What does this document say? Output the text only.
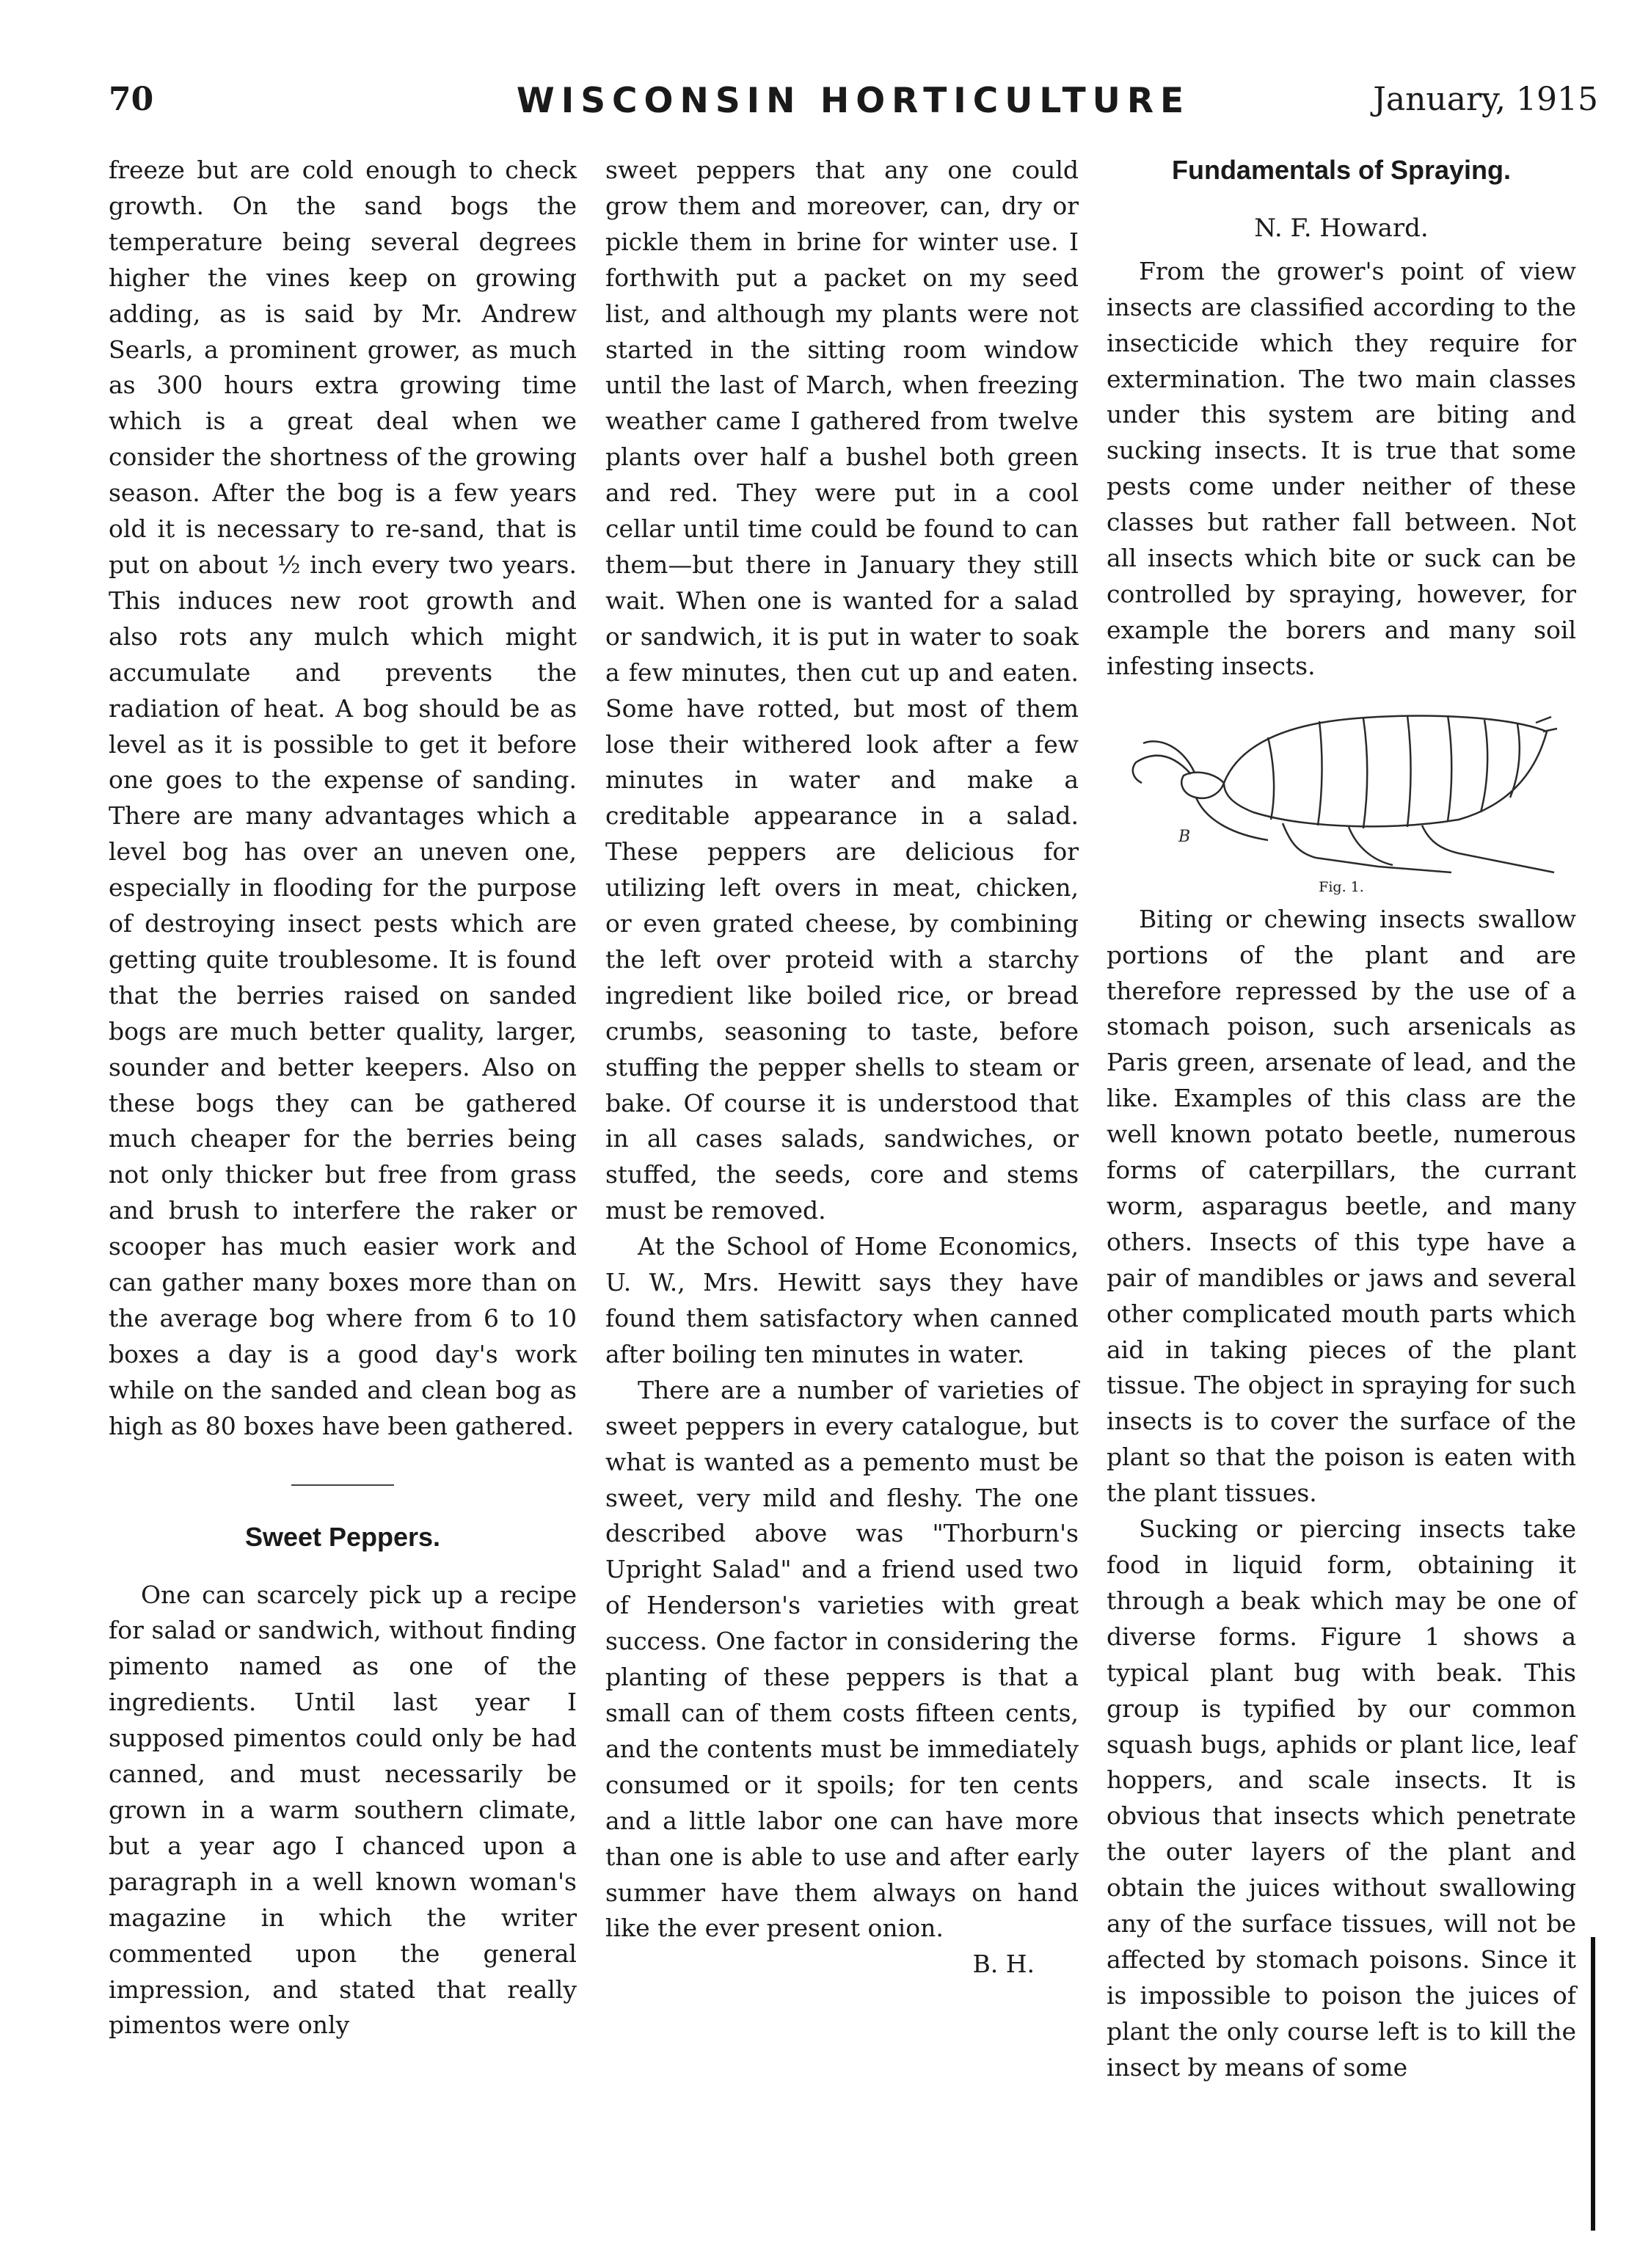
70	WISCONSIN HORTICULTURE	January, 1915

freeze but are cold enough to check growth. On the sand bogs the temperature being several degrees higher the vines keep on growing adding, as is said by Mr. Andrew Searls, a prominent grower, as much as 300 hours extra growing time which is a great deal when we consider the shortness of the growing season. After the bog is a few years old it is necessary to re-sand, that is put on about ½ inch every two years. This induces new root growth and also rots any mulch which might accumulate and prevents the radiation of heat. A bog should be as level as it is possible to get it before one goes to the expense of sanding. There are many advantages which a level bog has over an uneven one, especially in flooding for the purpose of destroying insect pests which are getting quite troublesome. It is found that the berries raised on sanded bogs are much better quality, larger, sounder and better keepers. Also on these bogs they can be gathered much cheaper for the berries being not only thicker but free from grass and brush to interfere the raker or scooper has much easier work and can gather many boxes more than on the average bog where from 6 to 10 boxes a day is a good day's work while on the sanded and clean bog as high as 80 boxes have been gathered.

Sweet Peppers.

One can scarcely pick up a recipe for salad or sandwich, without finding pimento named as one of the ingredients. Until last year I supposed pimentos could only be had canned, and must necessarily be grown in a warm southern climate, but a year ago I chanced upon a paragraph in a well known woman's magazine in which the writer commented upon the general impression, and stated that really pimentos were only

sweet peppers that any one could grow them and moreover, can, dry or pickle them in brine for winter use. I forthwith put a packet on my seed list, and although my plants were not started in the sitting room window until the last of March, when freezing weather came I gathered from twelve plants over half a bushel both green and red. They were put in a cool cellar until time could be found to can them—but there in January they still wait. When one is wanted for a salad or sandwich, it is put in water to soak a few minutes, then cut up and eaten. Some have rotted, but most of them lose their withered look after a few minutes in water and make a creditable appearance in a salad. These peppers are delicious for utilizing left overs in meat, chicken, or even grated cheese, by combining the left over proteid with a starchy ingredient like boiled rice, or bread crumbs, seasoning to taste, before stuffing the pepper shells to steam or bake. Of course it is understood that in all cases salads, sandwiches, or stuffed, the seeds, core and stems must be removed.

At the School of Home Economics, U. W., Mrs. Hewitt says they have found them satisfactory when canned after boiling ten minutes in water.

There are a number of varieties of sweet peppers in every catalogue, but what is wanted as a pemento must be sweet, very mild and fleshy. The one described above was "Thorburn's Upright Salad" and a friend used two of Henderson's varieties with great success. One factor in considering the planting of these peppers is that a small can of them costs fifteen cents, and the contents must be immediately consumed or it spoils; for ten cents and a little labor one can have more than one is able to use and after early summer have them always on hand like the ever present onion.

B. H.
Fundamentals of Spraying.
N. F. Howard.

From the grower's point of view insects are classified according to the insecticide which they require for extermination. The two main classes under this system are biting and sucking insects. It is true that some pests come under neither of these classes but rather fall between. Not all insects which bite or suck can be controlled by spraying, however, for example the borers and many soil infesting insects.

B
Fig. 1.

Biting or chewing insects swallow portions of the plant and are therefore repressed by the use of a stomach poison, such arsenicals as Paris green, arsenate of lead, and the like. Examples of this class are the well known potato beetle, numerous forms of caterpillars, the currant worm, asparagus beetle, and many others. Insects of this type have a pair of mandibles or jaws and several other complicated mouth parts which aid in taking pieces of the plant tissue. The object in spraying for such insects is to cover the surface of the plant so that the poison is eaten with the plant tissues.

Sucking or piercing insects take food in liquid form, obtaining it through a beak which may be one of diverse forms. Figure 1 shows a typical plant bug with beak. This group is typified by our common squash bugs, aphids or plant lice, leaf hoppers, and scale insects. It is obvious that insects which penetrate the outer layers of the plant and obtain the juices without swallowing any of the surface tissues, will not be affected by stomach poisons. Since it is impossible to poison the juices of plant the only course left is to kill the insect by means of some
